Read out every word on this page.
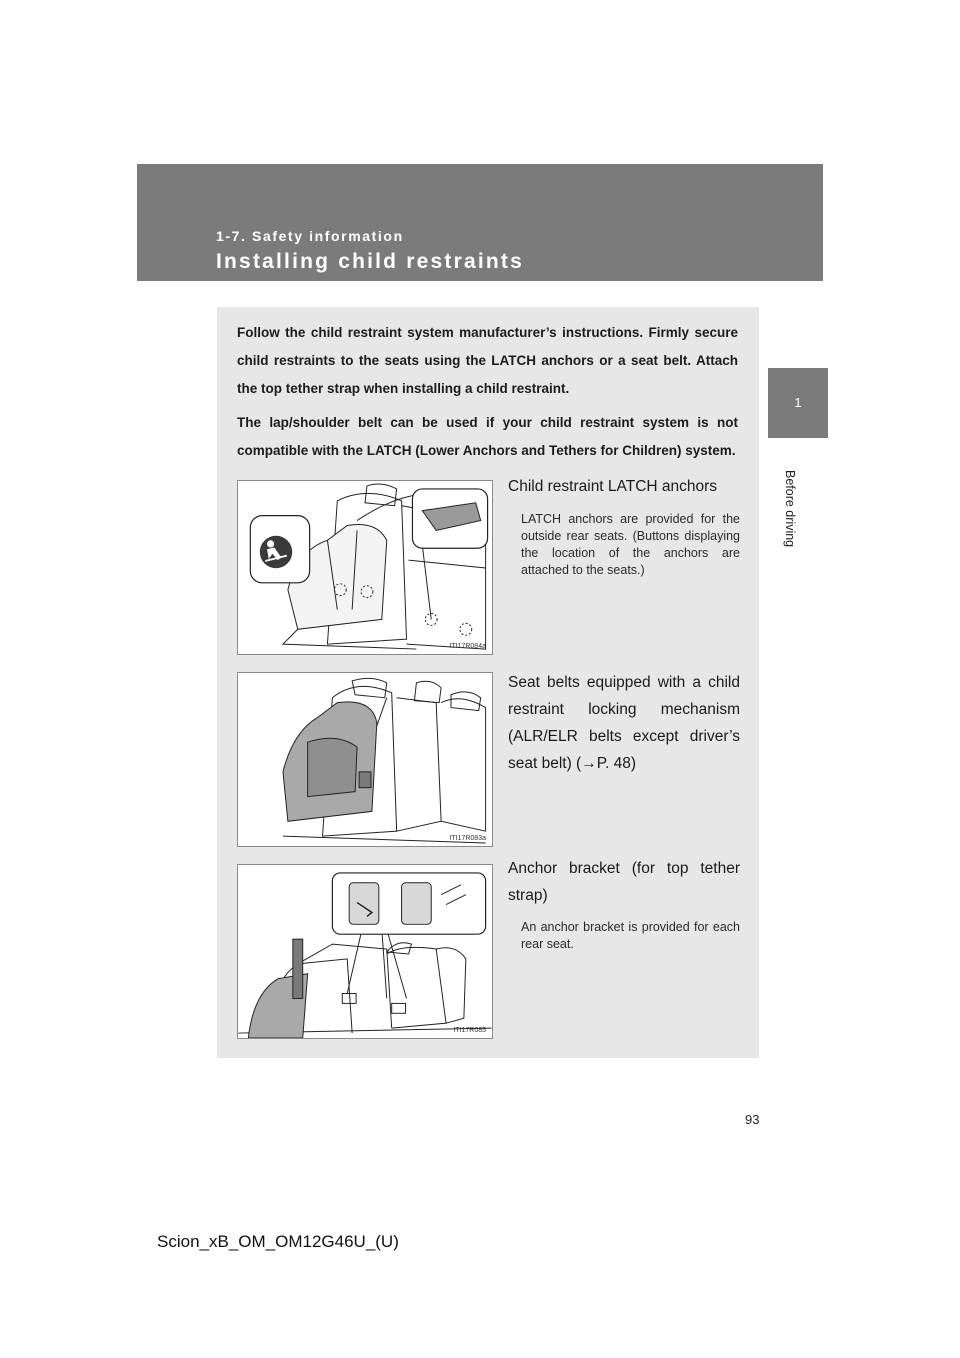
1-7. Safety information
Installing child restraints
1
Before driving

Follow the child restraint system manufacturer’s instructions. Firmly secure child restraints to the seats using the LATCH anchors or a seat belt. Attach the top tether strap when installing a child restraint.

The lap/shoulder belt can be used if your child restraint system is not compatible with the LATCH (Lower Anchors and Tethers for Children) system.

ITI17R084a
Child restraint LATCH anchors
LATCH anchors are provided for the outside rear seats. (Buttons displaying the location of the anchors are attached to the seats.)
ITI17R083a
Seat belts equipped with a child restraint locking mechanism (ALR/ELR belts except driver’s seat belt) (→P. 48)
ITI17R085
Anchor bracket (for top tether strap)
An anchor bracket is provided for each rear seat.
93
Scion_xB_OM_OM12G46U_(U)
